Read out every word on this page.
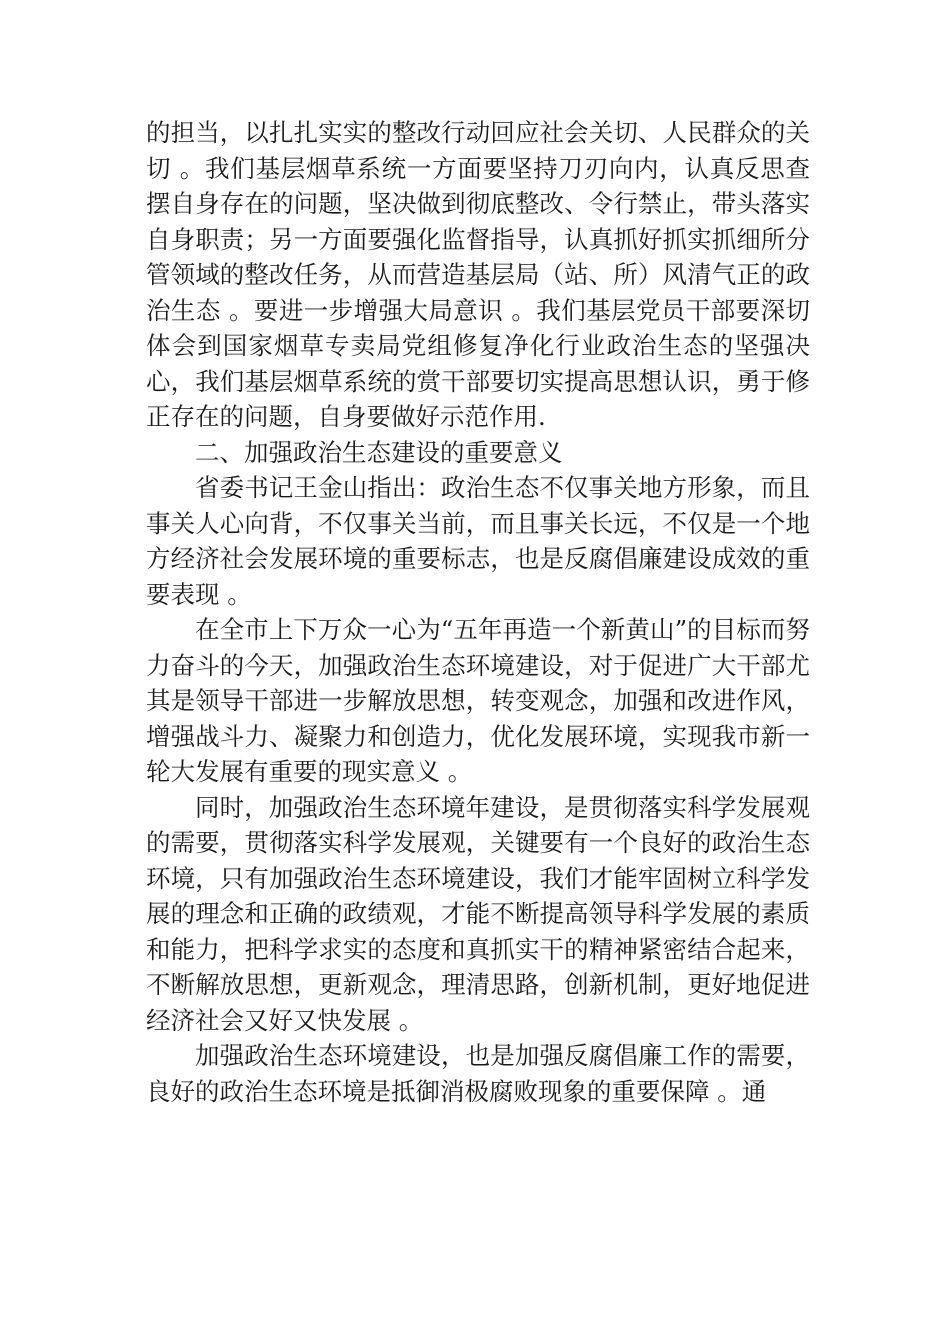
的担当，以扎扎实实的整改行动回应社会关切、人民群众的关切 。我们基层烟草系统一方面要坚持刀刃向内，认真反思查摆自身存在的问题，坚决做到彻底整改、令行禁止，带头落实自身职责；另一方面要强化监督指导，认真抓好抓实抓细所分管领域的整改任务，从而营造基层局（站、所）风清气正的政治生态 。要进一步增强大局意识 。我们基层党员干部要深切体会到国家烟草专卖局党组修复净化行业政治生态的坚强决心，我们基层烟草系统的赏干部要切实提高思想认识，勇于修正存在的问题，自身要做好示范作用.

二、加强政治生态建设的重要意义

省委书记王金山指出：政治生态不仅事关地方形象，而且事关人心向背，不仅事关当前，而且事关长远，不仅是一个地方经济社会发展环境的重要标志，也是反腐倡廉建设成效的重要表现 。

在全市上下万众一心为“五年再造一个新黄山”的目标而努力奋斗的今天，加强政治生态环境建设，对于促进广大干部尤其是领导干部进一步解放思想，转变观念，加强和改进作风，增强战斗力、凝聚力和创造力，优化发展环境，实现我市新一轮大发展有重要的现实意义 。

同时，加强政治生态环境年建设，是贯彻落实科学发展观的需要，贯彻落实科学发展观，关键要有一个良好的政治生态环境，只有加强政治生态环境建设，我们才能牢固树立科学发展的理念和正确的政绩观，才能不断提高领导科学发展的素质和能力，把科学求实的态度和真抓实干的精神紧密结合起来，不断解放思想，更新观念，理清思路，创新机制，更好地促进经济社会又好又快发展 。

加强政治生态环境建设，也是加强反腐倡廉工作的需要，良好的政治生态环境是抵御消极腐败现象的重要保障 。通
